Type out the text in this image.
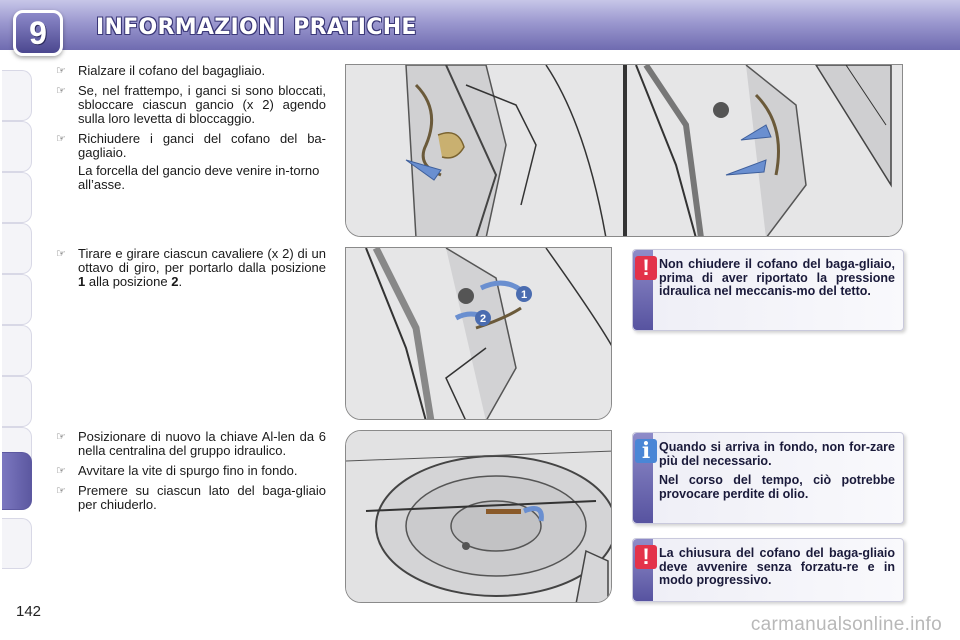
9	INFORMAZIONI PRATICHE
☞ Rialzare il cofano del bagagliaio.
☞ Se, nel frattempo, i ganci si sono bloccati, sbloccare ciascun gancio (x 2) agendo sulla loro levetta di bloccaggio.
☞ Richiudere i ganci del cofano del ba-gagliaio.
La forcella del gancio deve venire in-torno all’asse.
☞ Tirare e girare ciascun cavaliere (x 2) di un ottavo di giro, per portarlo dalla posizione 1 alla posizione 2.
☞ Posizionare di nuovo la chiave Al-len da 6 nella centralina del gruppo idraulico.
☞ Avvitare la vite di spurgo fino in fondo.
☞ Premere su ciascun lato del baga-gliaio per chiuderlo.
1
2
! Non chiudere il cofano del baga-gliaio, prima di aver riportato la pressione idraulica nel meccanis-mo del tetto.

i Quando si arriva in fondo, non for-zare più del necessario.

Nel corso del tempo, ciò potrebbe provocare perdite di olio.

! La chiusura del cofano del baga-gliaio deve avvenire senza forzatu-re e in modo progressivo.

142
carmanualsonline.info
